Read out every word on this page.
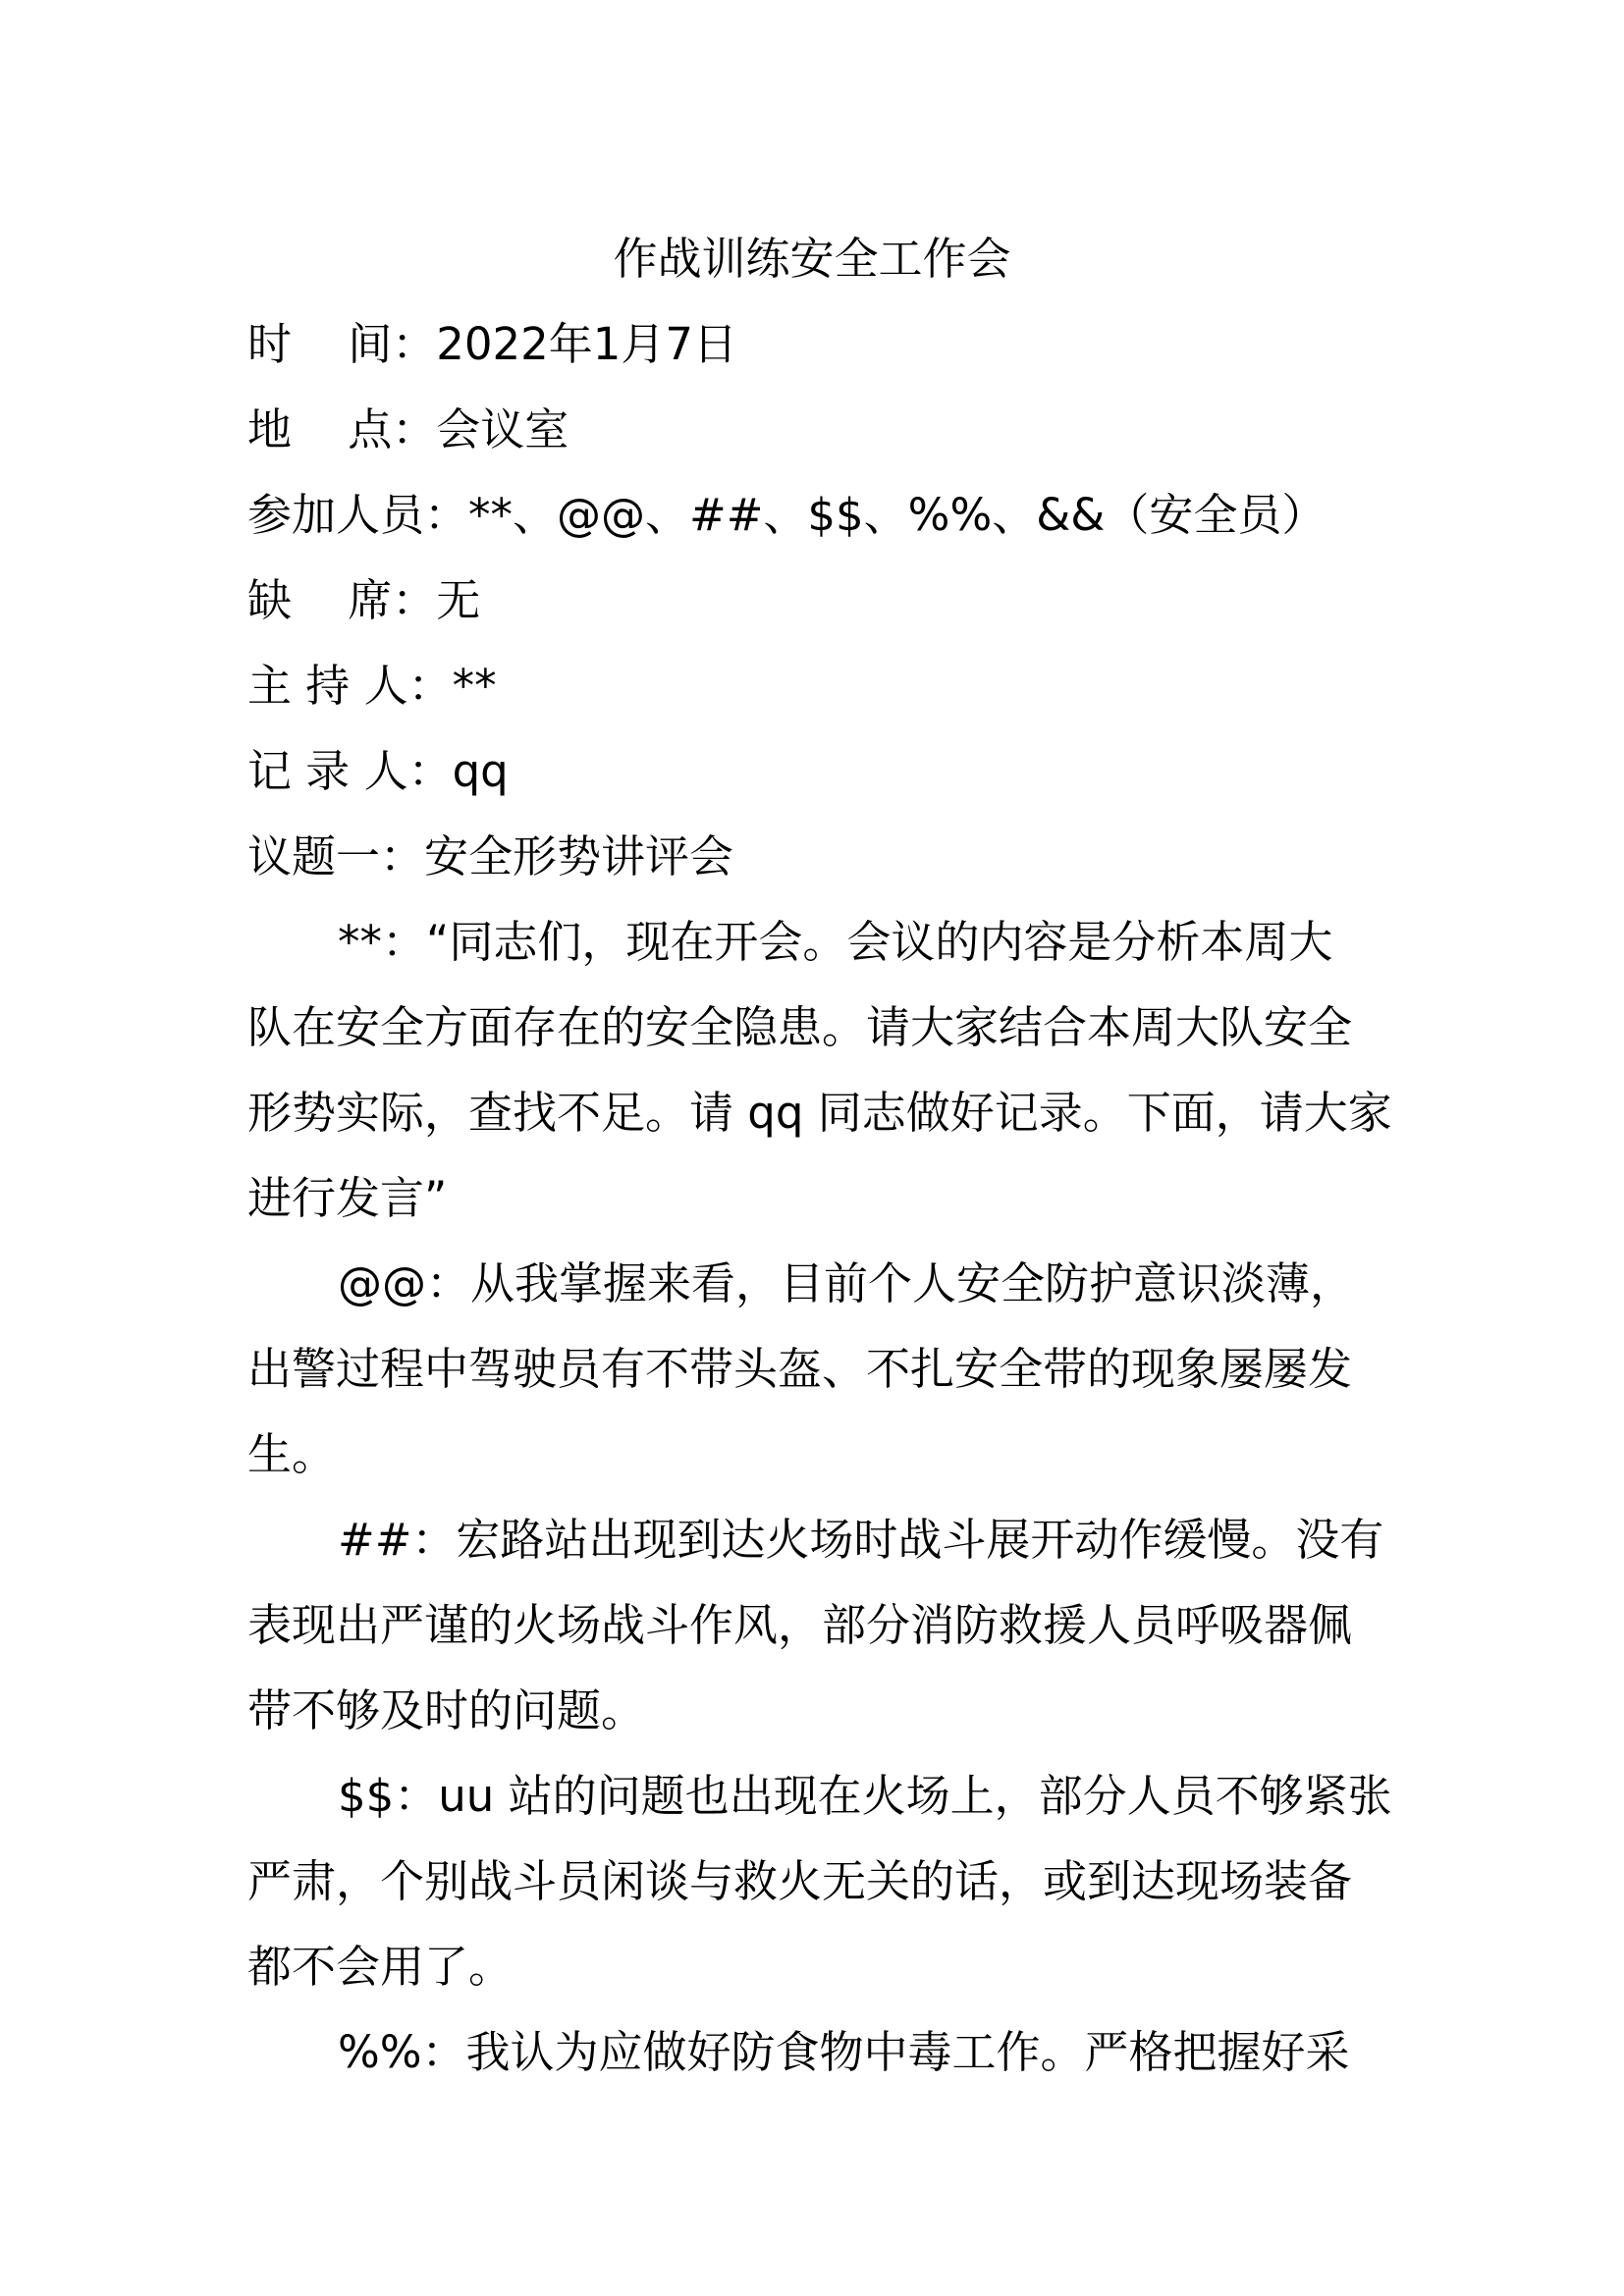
作战训练安全工作会
时    间：2022年1月7日
地    点：会议室
参加人员：**、@@、##、$$、%%、&&（安全员）
缺    席：无
主 持 人：**
记 录 人：qq
议题一：安全形势讲评会
**：“同志们，现在开会。会议的内容是分析本周大
队在安全方面存在的安全隐患。请大家结合本周大队安全
形势实际，查找不足。请 qq 同志做好记录。下面，请大家
进行发言”
@@：从我掌握来看，目前个人安全防护意识淡薄，
出警过程中驾驶员有不带头盔、不扎安全带的现象屡屡发
生。
##：宏路站出现到达火场时战斗展开动作缓慢。没有
表现出严谨的火场战斗作风，部分消防救援人员呼吸器佩
带不够及时的问题。
$$：uu 站的问题也出现在火场上，部分人员不够紧张
严肃，个别战斗员闲谈与救火无关的话，或到达现场装备
都不会用了。
%%：我认为应做好防食物中毒工作。严格把握好采
